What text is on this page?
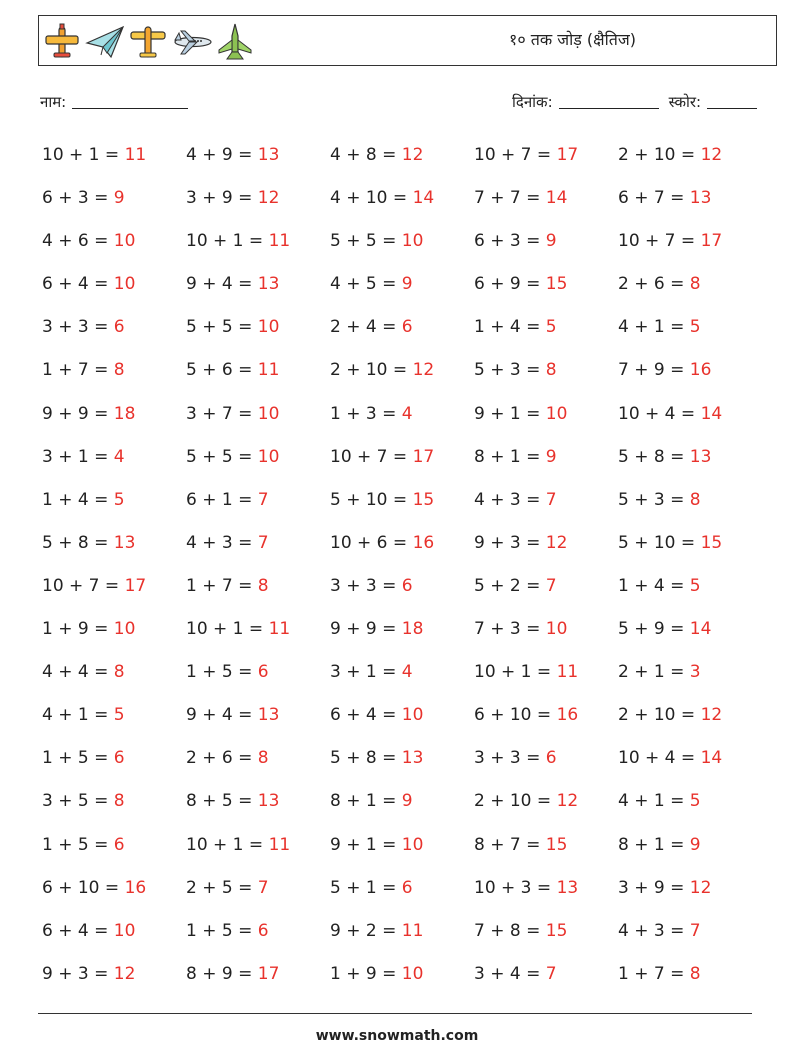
१० तक जोड़ (क्षैतिज)
नाम:	दिनांक:	स्कोर:
10 + 1 = 11	4 + 9 = 13	4 + 8 = 12	10 + 7 = 17	2 + 10 = 12
6 + 3 = 9	3 + 9 = 12	4 + 10 = 14	7 + 7 = 14	6 + 7 = 13
4 + 6 = 10	10 + 1 = 11	5 + 5 = 10	6 + 3 = 9	10 + 7 = 17
6 + 4 = 10	9 + 4 = 13	4 + 5 = 9	6 + 9 = 15	2 + 6 = 8
3 + 3 = 6	5 + 5 = 10	2 + 4 = 6	1 + 4 = 5	4 + 1 = 5
1 + 7 = 8	5 + 6 = 11	2 + 10 = 12	5 + 3 = 8	7 + 9 = 16
9 + 9 = 18	3 + 7 = 10	1 + 3 = 4	9 + 1 = 10	10 + 4 = 14
3 + 1 = 4	5 + 5 = 10	10 + 7 = 17	8 + 1 = 9	5 + 8 = 13
1 + 4 = 5	6 + 1 = 7	5 + 10 = 15	4 + 3 = 7	5 + 3 = 8
5 + 8 = 13	4 + 3 = 7	10 + 6 = 16	9 + 3 = 12	5 + 10 = 15
10 + 7 = 17	1 + 7 = 8	3 + 3 = 6	5 + 2 = 7	1 + 4 = 5
1 + 9 = 10	10 + 1 = 11	9 + 9 = 18	7 + 3 = 10	5 + 9 = 14
4 + 4 = 8	1 + 5 = 6	3 + 1 = 4	10 + 1 = 11	2 + 1 = 3
4 + 1 = 5	9 + 4 = 13	6 + 4 = 10	6 + 10 = 16	2 + 10 = 12
1 + 5 = 6	2 + 6 = 8	5 + 8 = 13	3 + 3 = 6	10 + 4 = 14
3 + 5 = 8	8 + 5 = 13	8 + 1 = 9	2 + 10 = 12	4 + 1 = 5
1 + 5 = 6	10 + 1 = 11	9 + 1 = 10	8 + 7 = 15	8 + 1 = 9
6 + 10 = 16	2 + 5 = 7	5 + 1 = 6	10 + 3 = 13	3 + 9 = 12
6 + 4 = 10	1 + 5 = 6	9 + 2 = 11	7 + 8 = 15	4 + 3 = 7
9 + 3 = 12	8 + 9 = 17	1 + 9 = 10	3 + 4 = 7	1 + 7 = 8
www.snowmath.com
